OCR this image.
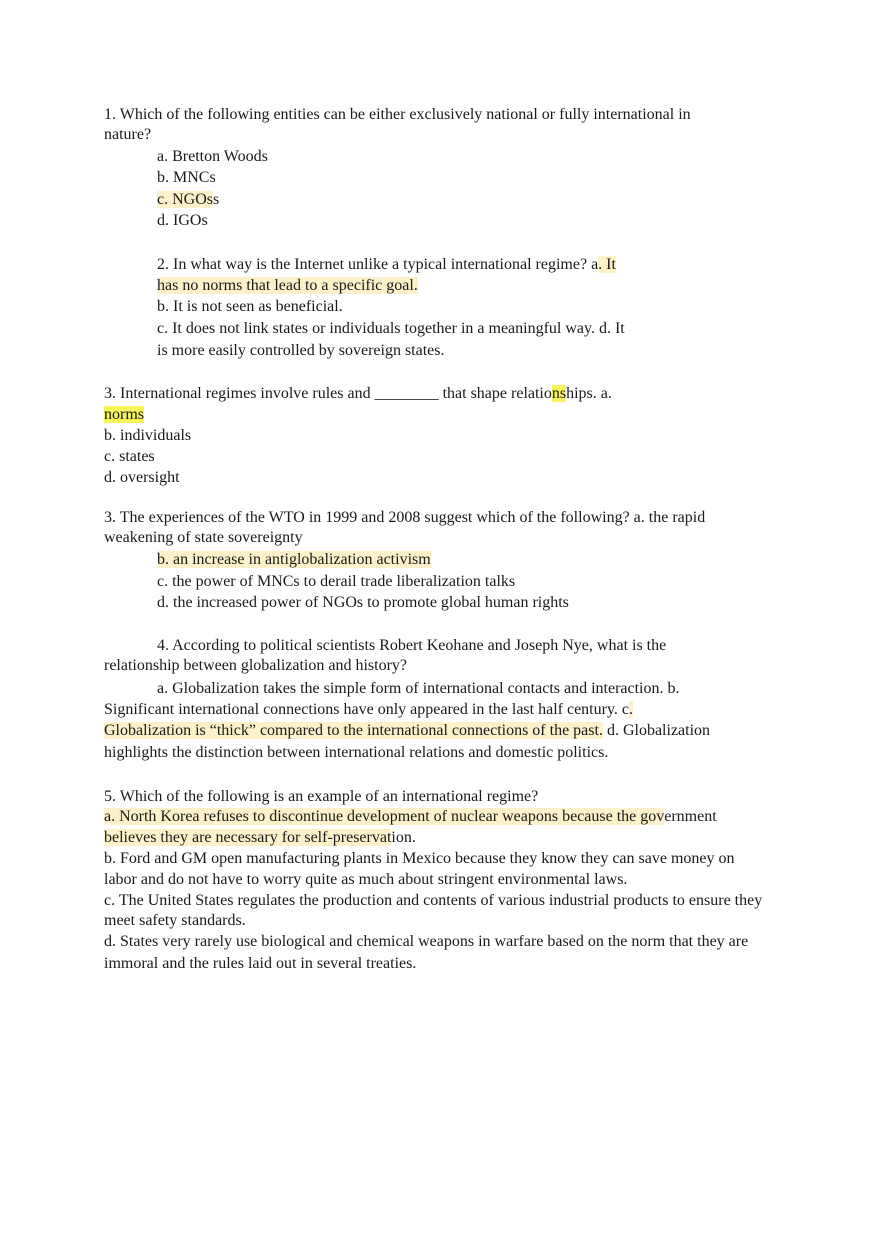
1. Which of the following entities can be either exclusively national or fully international in
nature?
a. Bretton Woods
b. MNCs
c. NGOss
d. IGOs
2. In what way is the Internet unlike a typical international regime? a. It
has no norms that lead to a specific goal.
b. It is not seen as beneficial.
c. It does not link states or individuals together in a meaningful way. d. It
is more easily controlled by sovereign states.
3. International regimes involve rules and ________ that shape relationships. a.
norms
b. individuals
c. states
d. oversight
3. The experiences of the WTO in 1999 and 2008 suggest which of the following? a. the rapid
weakening of state sovereignty
b. an increase in antiglobalization activism
c. the power of MNCs to derail trade liberalization talks
d. the increased power of NGOs to promote global human rights
4. According to political scientists Robert Keohane and Joseph Nye, what is the
relationship between globalization and history?
a. Globalization takes the simple form of international contacts and interaction. b.
Significant international connections have only appeared in the last half century. c.
Globalization is “thick” compared to the international connections of the past. d. Globalization
highlights the distinction between international relations and domestic politics.
5. Which of the following is an example of an international regime?
a. North Korea refuses to discontinue development of nuclear weapons because the government
believes they are necessary for self-preservation.
b. Ford and GM open manufacturing plants in Mexico because they know they can save money on
labor and do not have to worry quite as much about stringent environmental laws.
c. The United States regulates the production and contents of various industrial products to ensure they
meet safety standards.
d. States very rarely use biological and chemical weapons in warfare based on the norm that they are
immoral and the rules laid out in several treaties.
